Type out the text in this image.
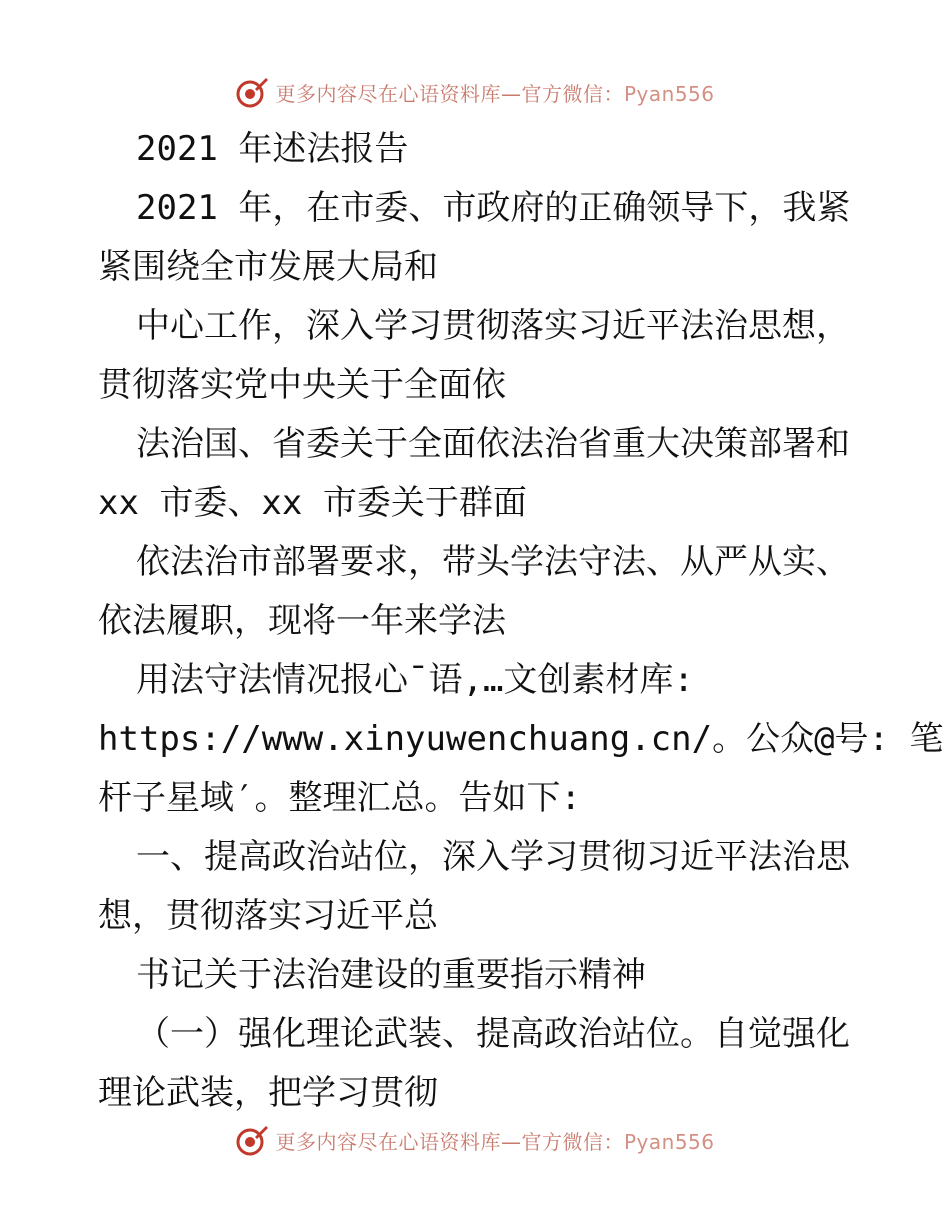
更多内容尽在心语资料库—官方微信：Pyan556
2021 年述法报告
2021 年，在市委、市政府的正确领导下，我紧
紧围绕全市发展大局和
中心工作，深入学习贯彻落实习近平法治思想，
贯彻落实党中央关于全面依
法治国、省委关于全面依法治省重大决策部署和
xx 市委、xx 市委关于群面
依法治市部署要求，带头学法守法、从严从实、
依法履职，现将一年来学法
用法守法情况报心¯语,…文创素材库:
https://www.xinyuwenchuang.cn/。公众@号: 笔
杆子星域′。整理汇总。告如下:
一、提高政治站位，深入学习贯彻习近平法治思
想，贯彻落实习近平总
书记关于法治建设的重要指示精神
（一）强化理论武装、提高政治站位。自觉强化
理论武装，把学习贯彻
更多内容尽在心语资料库—官方微信：Pyan556
